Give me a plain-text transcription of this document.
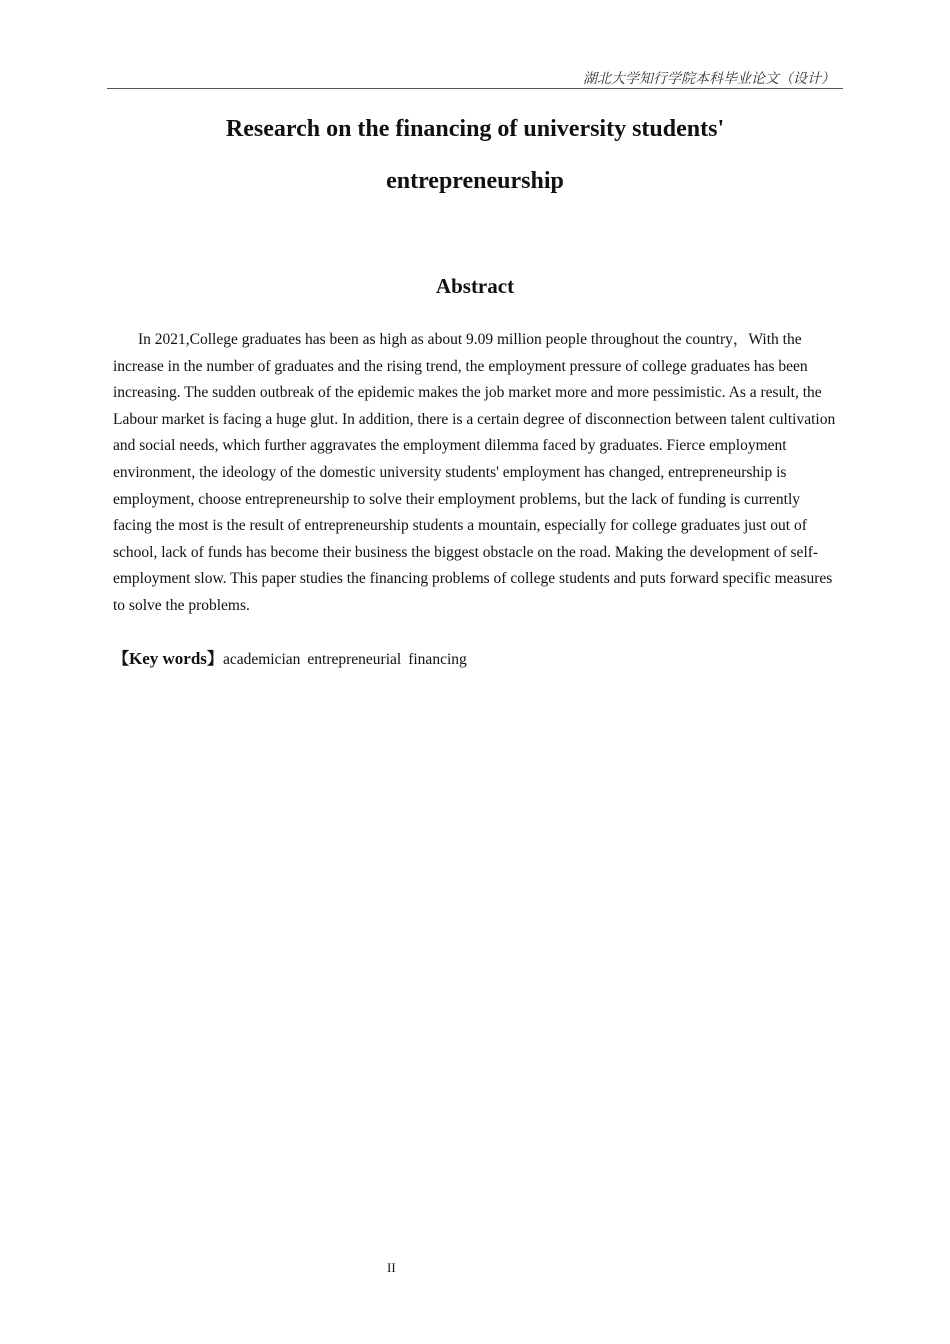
湖北大学知行学院本科毕业论文（设计）
Research on the financing of university students'
entrepreneurship
Abstract

In 2021,College graduates has been as high as about 9.09 million people throughout the country，With the increase in the number of graduates and the rising trend, the employment pressure of college graduates has been increasing. The sudden outbreak of the epidemic makes the job market more and more pessimistic. As a result, the Labour market is facing a huge glut. In addition, there is a certain degree of disconnection between talent cultivation and social needs, which further aggravates the employment dilemma faced by graduates. Fierce employment environment, the ideology of the domestic university students' employment has changed, entrepreneurship is employment, choose entrepreneurship to solve their employment problems, but the lack of funding is currently facing the most is the result of entrepreneurship students a mountain, especially for college graduates just out of school, lack of funds has become their business the biggest obstacle on the road. Making the development of self-employment slow. This paper studies the financing problems of college students and puts forward specific measures to solve the problems.

【Key words】academician entrepreneurial financing

II
